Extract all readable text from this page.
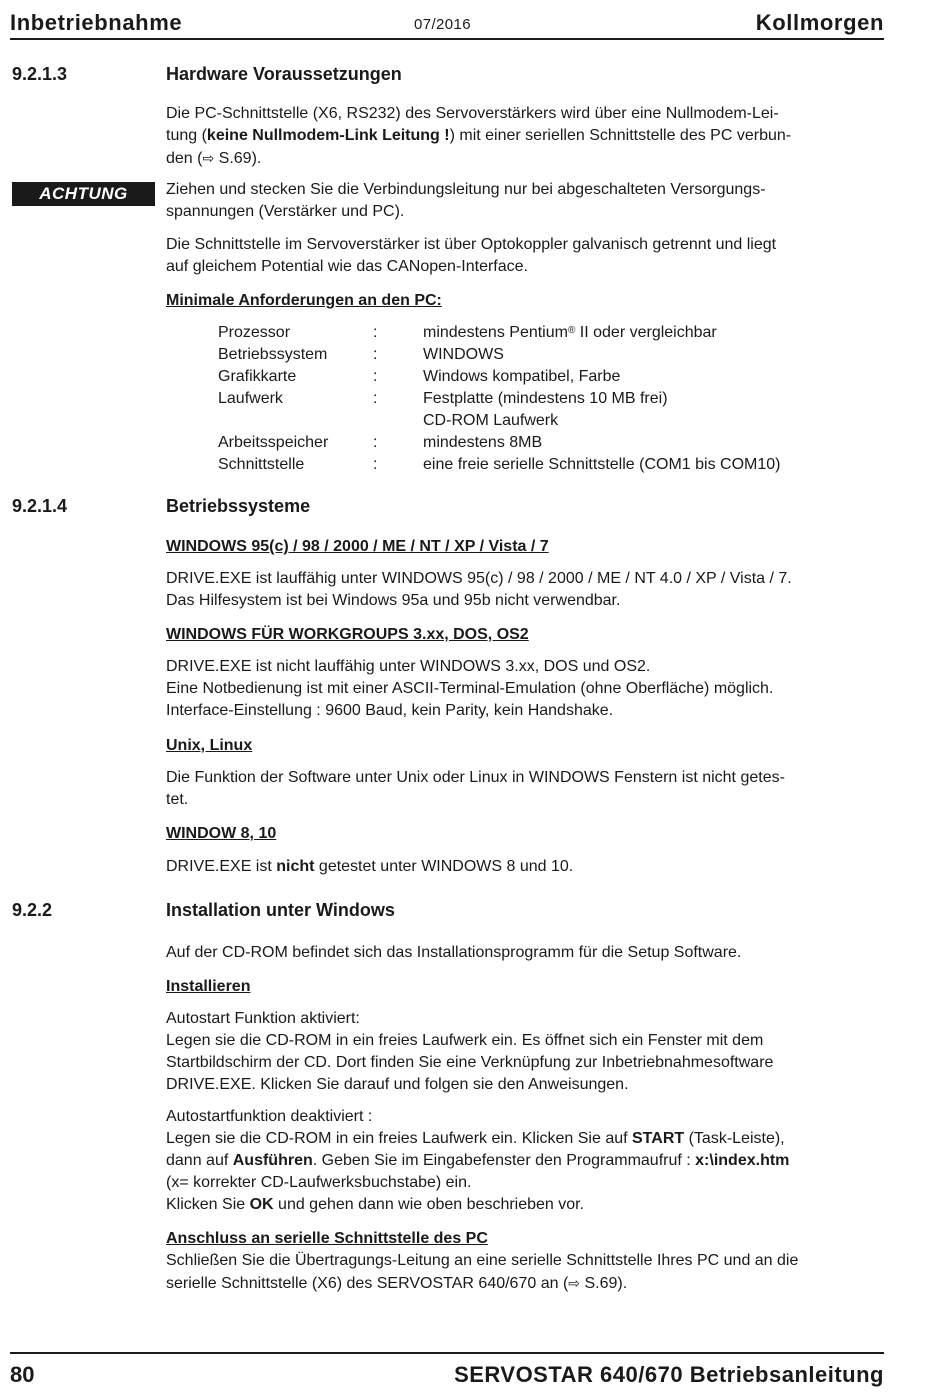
Inbetriebnahme	07/2016	Kollmorgen
9.2.1.3	Hardware Voraussetzungen
Die PC-Schnittstelle (X6, RS232) des Servoverstärkers wird über eine Nullmodem-Lei-
tung (keine Nullmodem-Link Leitung !) mit einer seriellen Schnittstelle des PC verbun-
den (⇨ S.69).
ACHTUNG	Ziehen und stecken Sie die Verbindungsleitung nur bei abgeschalteten Versorgungs-
spannungen (Verstärker und PC).
Die Schnittstelle im Servoverstärker ist über Optokoppler galvanisch getrennt und liegt
auf gleichem Potential wie das CANopen-Interface.
Minimale Anforderungen an den PC:
Prozessor	:	mindestens Pentium® II oder vergleichbar
Betriebssystem	:	WINDOWS
Grafikkarte	:	Windows kompatibel, Farbe
Laufwerk	:	Festplatte (mindestens 10 MB frei)
CD-ROM Laufwerk
Arbeitsspeicher	:	mindestens 8MB
Schnittstelle	:	eine freie serielle Schnittstelle (COM1 bis COM10)
9.2.1.4	Betriebssysteme
WINDOWS 95(c) / 98 / 2000 / ME / NT / XP / Vista / 7
DRIVE.EXE ist lauffähig unter WINDOWS 95(c) / 98 / 2000 / ME / NT 4.0 / XP / Vista / 7.
Das Hilfesystem ist bei Windows 95a und 95b nicht verwendbar.
WINDOWS FÜR WORKGROUPS 3.xx, DOS, OS2
DRIVE.EXE ist nicht lauffähig unter WINDOWS 3.xx, DOS und OS2.
Eine Notbedienung ist mit einer ASCII-Terminal-Emulation (ohne Oberfläche) möglich.
Interface-Einstellung : 9600 Baud, kein Parity, kein Handshake.
Unix, Linux
Die Funktion der Software unter Unix oder Linux in WINDOWS Fenstern ist nicht getes-
tet.
WINDOW 8, 10
DRIVE.EXE ist nicht getestet unter WINDOWS 8 und 10.
9.2.2	Installation unter Windows
Auf der CD-ROM befindet sich das Installationsprogramm für die Setup Software.
Installieren
Autostart Funktion aktiviert:
Legen sie die CD-ROM in ein freies Laufwerk ein. Es öffnet sich ein Fenster mit dem
Startbildschirm der CD. Dort finden Sie eine Verknüpfung zur Inbetriebnahmesoftware
DRIVE.EXE. Klicken Sie darauf und folgen sie den Anweisungen.
Autostartfunktion deaktiviert :
Legen sie die CD-ROM in ein freies Laufwerk ein. Klicken Sie auf START (Task-Leiste),
dann auf Ausführen. Geben Sie im Eingabefenster den Programmaufruf : x:\index.htm
(x= korrekter CD-Laufwerksbuchstabe) ein.
Klicken Sie OK und gehen dann wie oben beschrieben vor.
Anschluss an serielle Schnittstelle des PC
Schließen Sie die Übertragungs-Leitung an eine serielle Schnittstelle Ihres PC und an die
serielle Schnittstelle (X6) des SERVOSTAR 640/670 an (⇨ S.69).
80	SERVOSTAR 640/670 Betriebsanleitung
